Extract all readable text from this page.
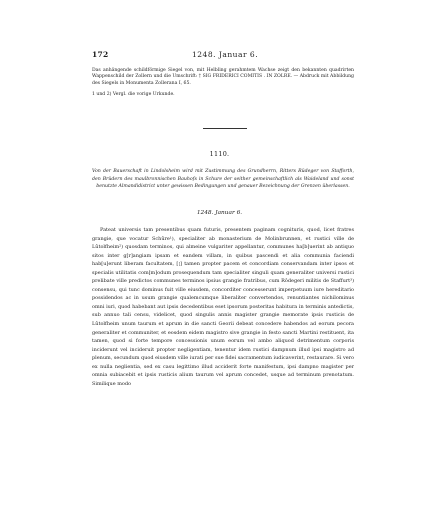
172	1248. Januar 6.

Das anhängende schildförmige Siegel von, mit Helbling gerahmtem Wachse zeigt den bekannten quadrirten Wappenschild der Zollern und die Umschrift: † SIG FRIDERICI COMITIS . IN ZOLRE. — Abdruck mit Abbildung des Siegels in Monumenta Zollerana I, 65.

1 und 2) Vergl. die vorige Urkunde.

1110.
Von der Bauerschaft in Lindolsheim wird mit Zustimmung des Grundherrn, Ritters Rüdeger von Stafforth, den Brüdern des maulbronnischen Bauhofs in Schure der seither gemeinschaftlich als Waideland und sonst benutzte Almandidistrict unter gewissen Bedingungen und genauer Bezeichnung der Grenzen überlassen.
1248. Januar 6.

Pateat universis tam presentibus quam futuris, presentem paginam cognituris, quod, licet fratres grangie, que vocatur Schůre¹), specialiter ab monasterium de Molinbrunnen, et rustici ville de Lůtolfheim²) quosdam terminos, qui almeine vulgariter appellantur, communes ha[b]uerint ab antiquo sitos inter g[r]angiam ipsam et eandem villam, in quibus pascendi et alia communia faciendi hab[u]erunt liberam facultatem, [¦] tamen propter pacem et concordiam conservandam inter ipsos et specialis utilitatis com[m]odum prosequendum tam specialiter singuli quam generaliter universi rustici prelibate ville predictos communes terminos ipsius grangie fratribus, cum Rǒdegeri militis de Staffurt³) consensu, qui tunc dominus fuit ville eiusdem, concorditer concesserunt imperpetuum iure hereditario possidendos ac in usum grangie qualemcumque liberaliter convertendos, renuntiantes nichilominus omni iuri, quod habebant aut ipsis decedentibus eset ipsorum posteritas habitura in terminis antedictis, sub annuo tali censu, videlicet, quod singulis annis magister grangie memorate ipsis rusticis de Lůtolfheim unum taurum et aprum in die sancti Georii debeat concedere habendos ad eorum pecora generaliter et communiter, et eosdem eidem magistro sive grangie in festo sancti Martini restituent, ita tamen, quod si forte tempore concessionis unum eorum vel ambo aliquod detrimentum corporis inciderunt vel incideruit propter negligentiam, tenentur idem rustici dampnum illud ipsi magistro ad plenum, secundum quod eiusdem ville iurati per sue fidei sacramentum iudicaverint, restaurare. Si vero ex nulla neglientia, sed ex casu legittimo illud acciderit forte manifestum, ipsi dampno magister per omnia subiacebit et ipsis rusticis alium taurum vel aprum concedet, usque ad terminum prenotatum. Similique modo
